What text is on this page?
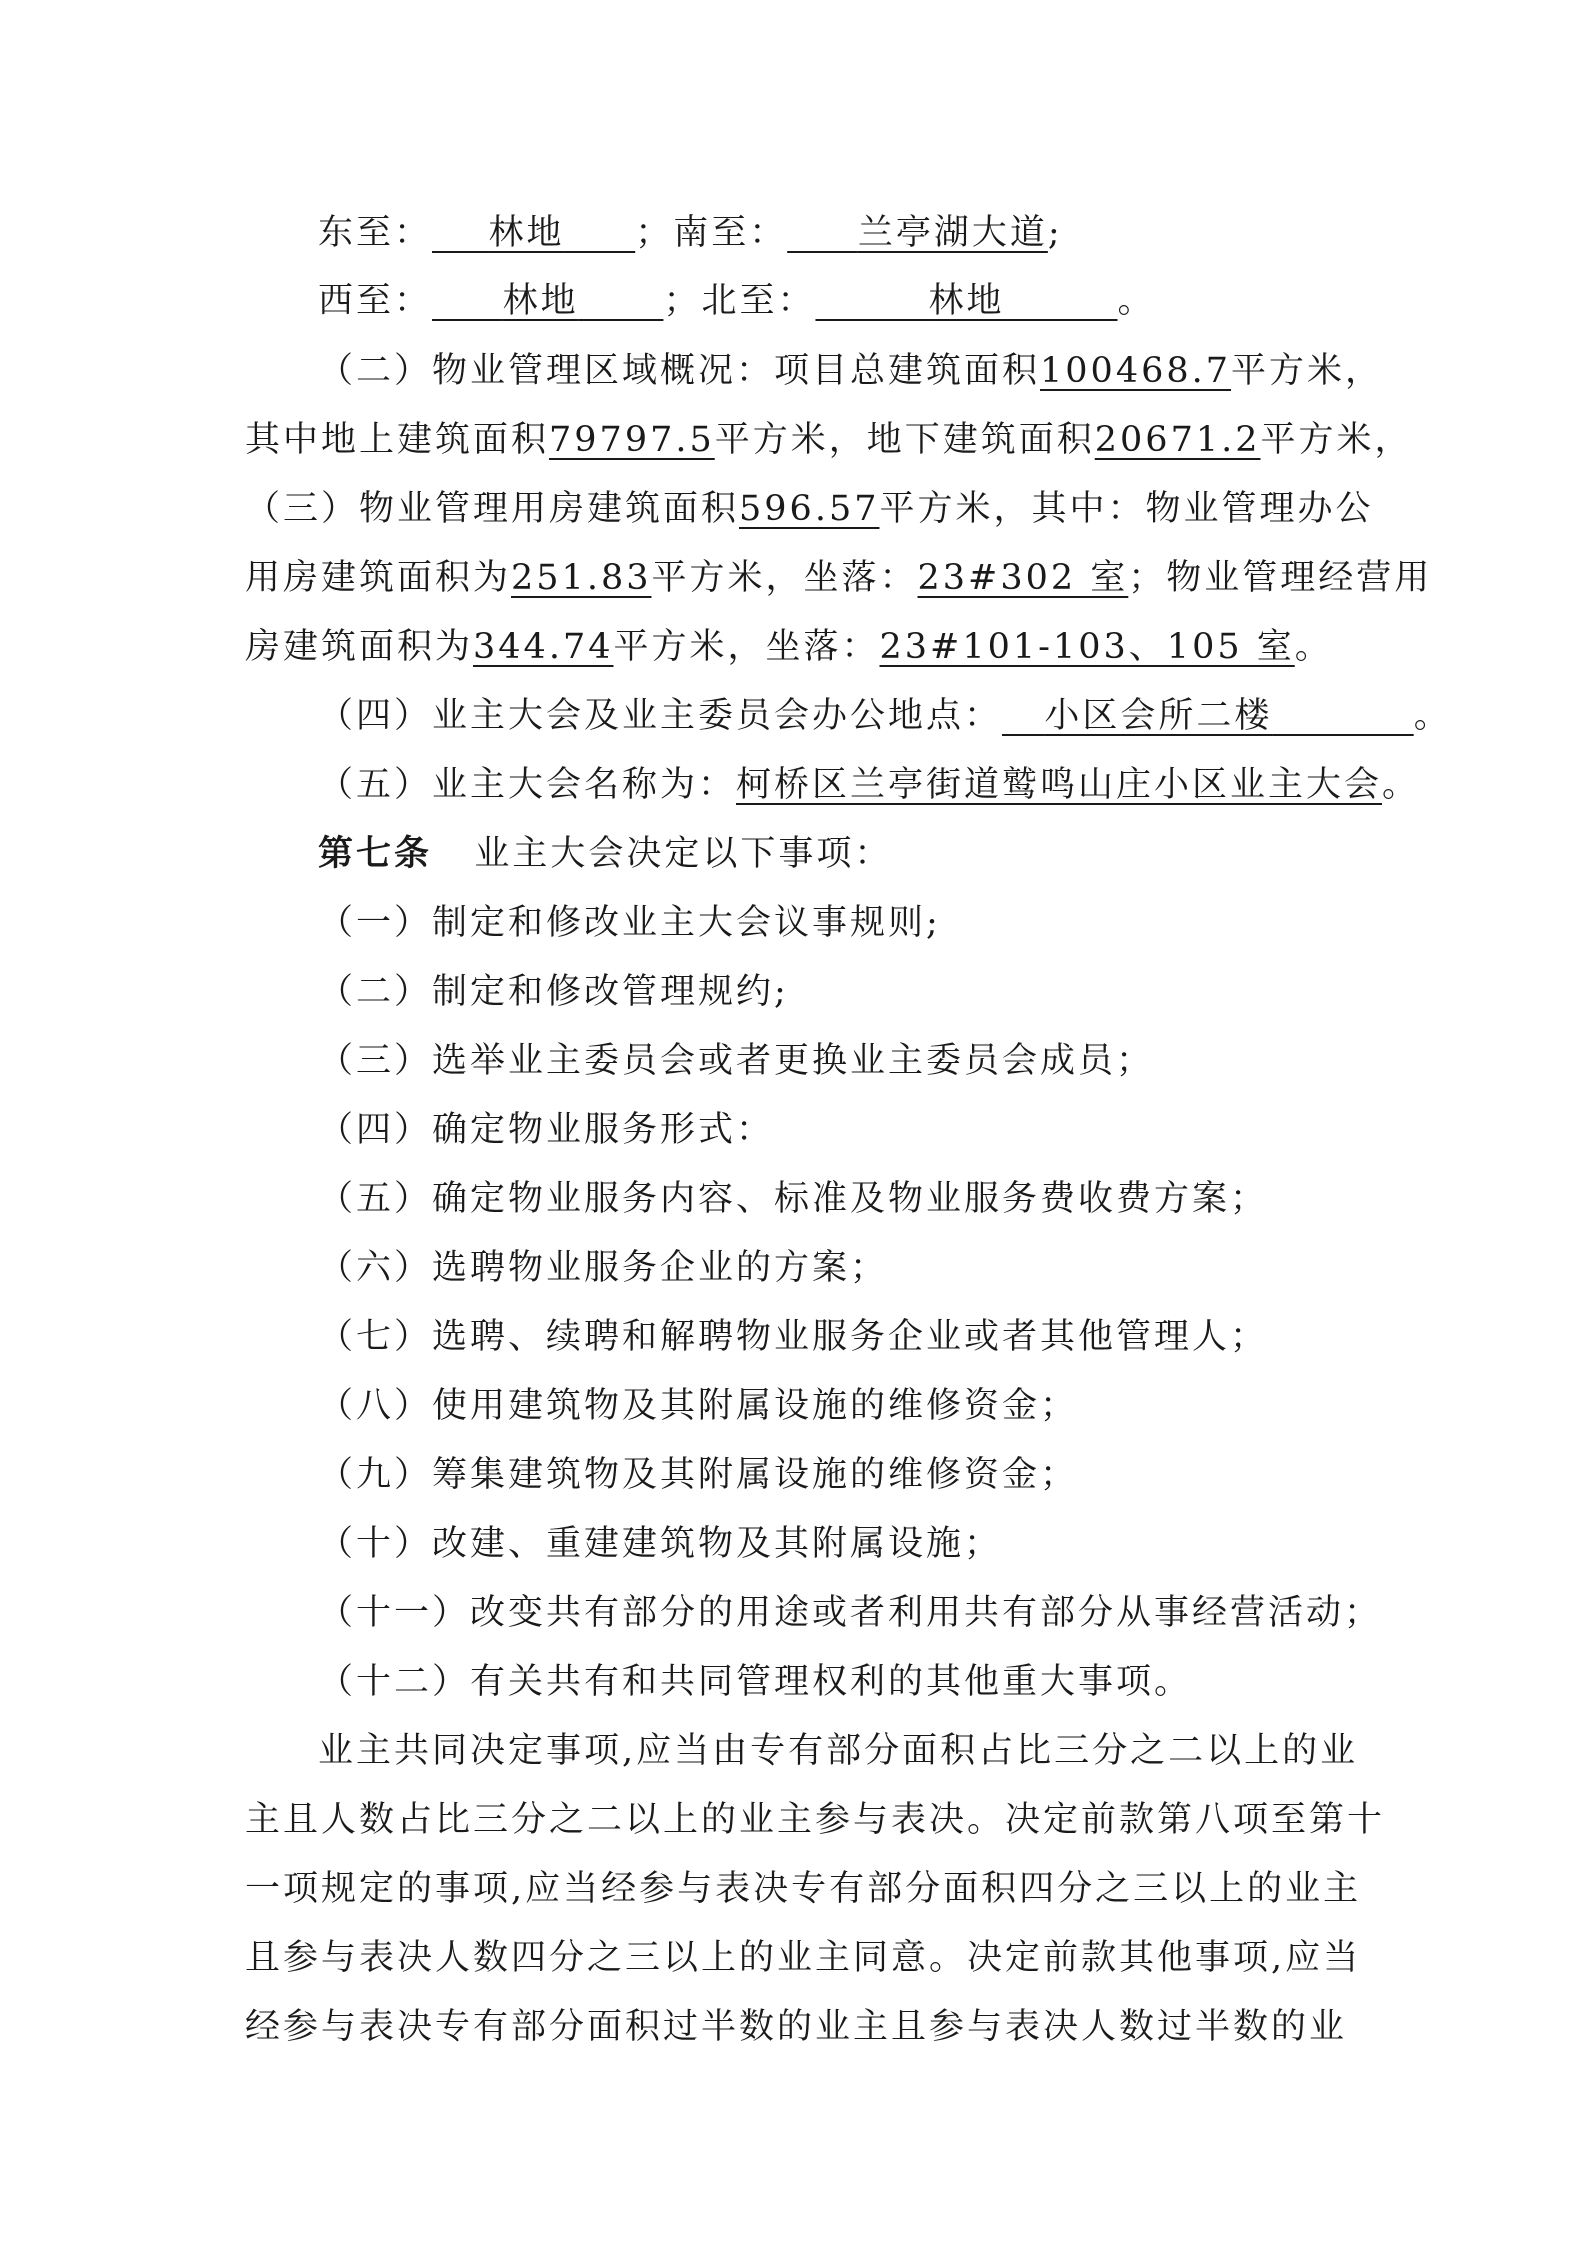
东至： 林地 ；南至： 兰亭湖大道;
西至： 林地 ；北至：	林地	。
（二）物业管理区域概况：项目总建筑面积100468.7平方米，
其中地上建筑面积79797.5平方米，地下建筑面积20671.2平方米，
（三）物业管理用房建筑面积596.57平方米，其中：物业管理办公
用房建筑面积为251.83平方米，坐落：23#302 室；物业管理经营用
房建筑面积为344.74平方米，坐落：23#101-103、105 室。
（四）业主大会及业主委员会办公地点： 小区会所二楼	。
（五）业主大会名称为：柯桥区兰亭街道鹫鸣山庄小区业主大会。
第七条 业主大会决定以下事项：
（一）制定和修改业主大会议事规则;
（二）制定和修改管理规约;
（三）选举业主委员会或者更换业主委员会成员；
（四）确定物业服务形式：
（五）确定物业服务内容、标准及物业服务费收费方案；
（六）选聘物业服务企业的方案；
（七）选聘、续聘和解聘物业服务企业或者其他管理人；
（八）使用建筑物及其附属设施的维修资金；
（九）筹集建筑物及其附属设施的维修资金；
（十）改建、重建建筑物及其附属设施；
（十一）改变共有部分的用途或者利用共有部分从事经营活动；
（十二）有关共有和共同管理权利的其他重大事项。
业主共同决定事项,应当由专有部分面积占比三分之二以上的业
主且人数占比三分之二以上的业主参与表决。决定前款第八项至第十
一项规定的事项,应当经参与表决专有部分面积四分之三以上的业主
且参与表决人数四分之三以上的业主同意。决定前款其他事项,应当
经参与表决专有部分面积过半数的业主且参与表决人数过半数的业
